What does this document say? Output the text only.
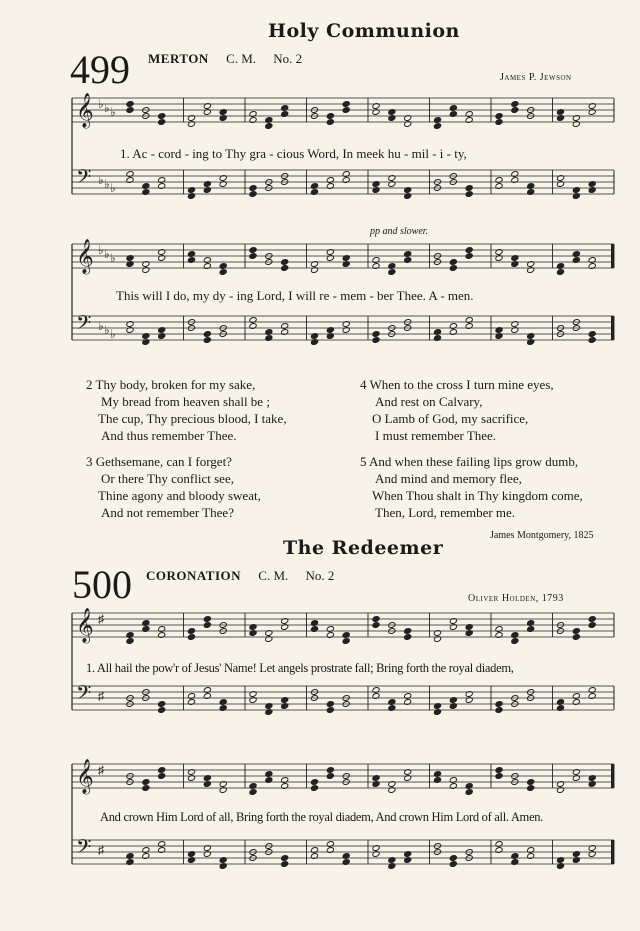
Holy Communion
499 MERTON C. M. No. 2
James P. Jewson
𝄞
𝄢
♭
♭
♭
♭
♭
♭
1. Ac - cord - ing to Thy gra - cious Word, In meek hu - mil - i - ty,
pp and slower.
𝄞
𝄢
♭
♭
♭
♭
♭
♭
This will I do, my dy - ing Lord, I will re - mem - ber Thee. A - men.
2 Thy body, broken for my sake,
My bread from heaven shall be ;
The cup, Thy precious blood, I take,
And thus remember Thee.
3 Gethsemane, can I forget?
Or there Thy conflict see,
Thine agony and bloody sweat,
And not remember Thee?
4 When to the cross I turn mine eyes,
And rest on Calvary,
O Lamb of God, my sacrifice,
I must remember Thee.
5 And when these failing lips grow dumb,
And mind and memory flee,
When Thou shalt in Thy kingdom come,
Then, Lord, remember me.
James Montgomery, 1825
The Redeemer
500 CORONATION C. M. No. 2
Oliver Holden, 1793
𝄞
𝄢
♯
♯
1. All hail the pow'r of Jesus' Name! Let angels prostrate fall; Bring forth the royal diadem,
𝄞
𝄢
♯
♯
And crown Him Lord of all, Bring forth the royal diadem, And crown Him Lord of all. Amen.
